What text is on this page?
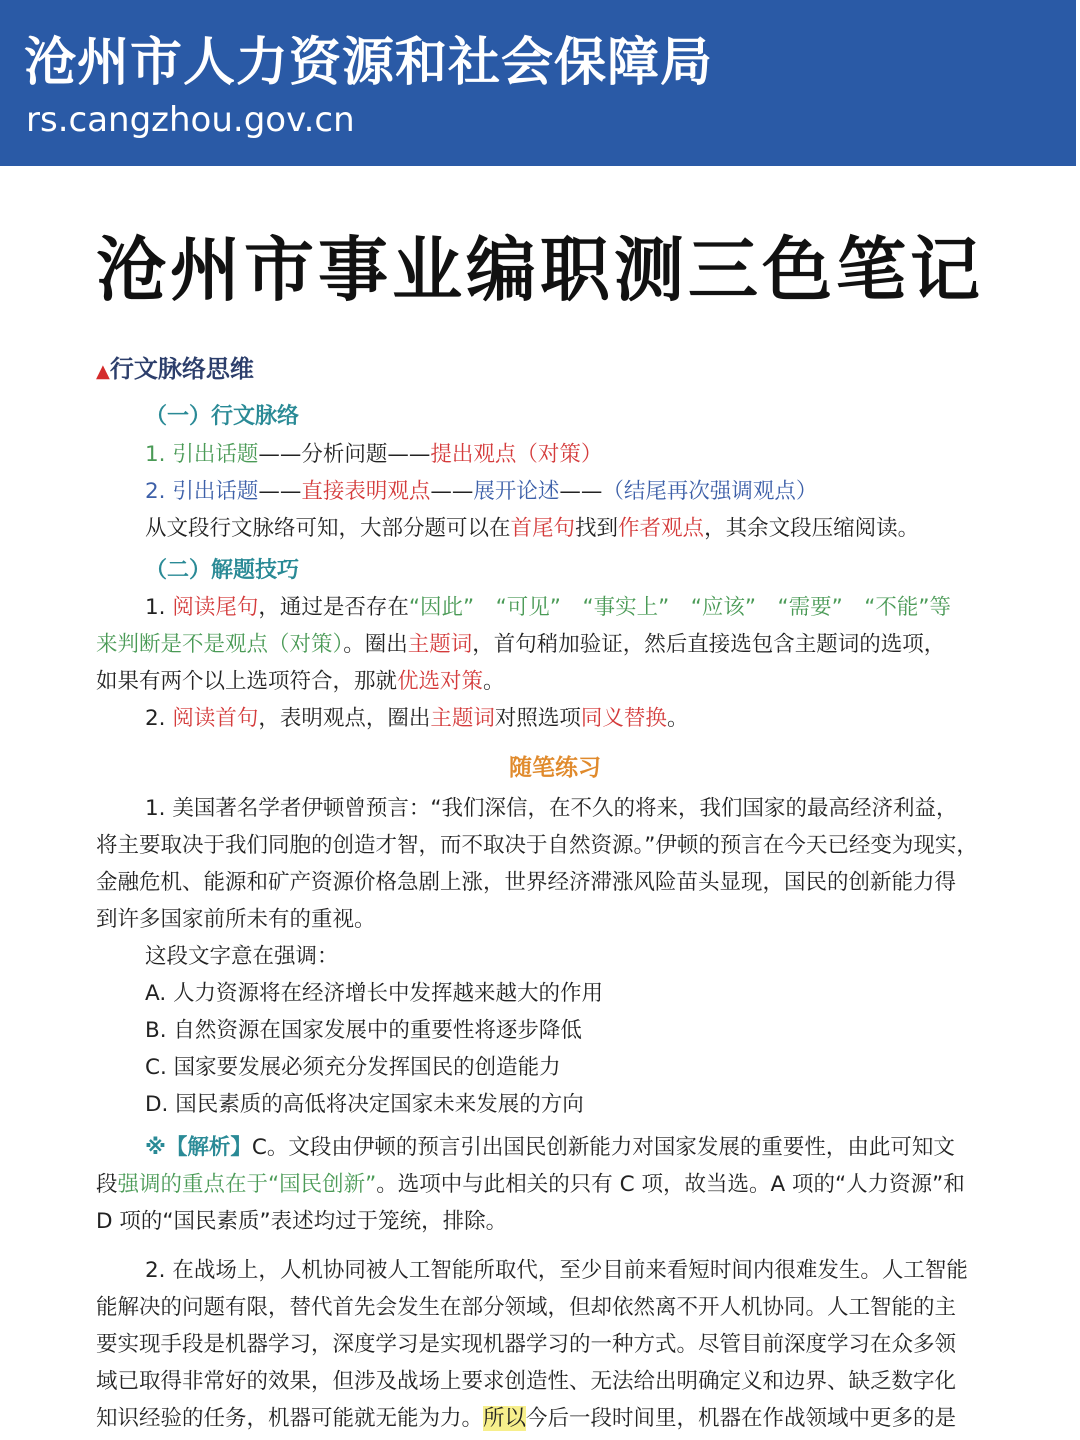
沧州市人力资源和社会保障局
rs.cangzhou.gov.cn
沧州市事业编职测三色笔记
▲行文脉络思维
（一）行文脉络
1. 引出话题——分析问题——提出观点（对策）
2. 引出话题——直接表明观点——展开论述——（结尾再次强调观点）
从文段行文脉络可知，大部分题可以在首尾句找到作者观点，其余文段压缩阅读。
（二）解题技巧
1. 阅读尾句，通过是否存在“因此”　“可见”　“事实上”　“应该”　“需要”　“不能”等
来判断是不是观点（对策）。圈出主题词，首句稍加验证，然后直接选包含主题词的选项，
如果有两个以上选项符合，那就优选对策。
2. 阅读首句，表明观点，圈出主题词对照选项同义替换。
随笔练习
1. 美国著名学者伊顿曾预言：“我们深信，在不久的将来，我们国家的最高经济利益，
将主要取决于我们同胞的创造才智，而不取决于自然资源。”伊顿的预言在今天已经变为现实，
金融危机、能源和矿产资源价格急剧上涨，世界经济滞涨风险苗头显现，国民的创新能力得
到许多国家前所未有的重视。
这段文字意在强调：
A. 人力资源将在经济增长中发挥越来越大的作用
B. 自然资源在国家发展中的重要性将逐步降低
C. 国家要发展必须充分发挥国民的创造能力
D. 国民素质的高低将决定国家未来发展的方向
※【解析】C。文段由伊顿的预言引出国民创新能力对国家发展的重要性，由此可知文
段强调的重点在于“国民创新”。选项中与此相关的只有 C 项，故当选。A 项的“人力资源”和
D 项的“国民素质”表述均过于笼统，排除。
2. 在战场上，人机协同被人工智能所取代，至少目前来看短时间内很难发生。人工智能
能解决的问题有限，替代首先会发生在部分领域，但却依然离不开人机协同。人工智能的主
要实现手段是机器学习，深度学习是实现机器学习的一种方式。尽管目前深度学习在众多领
域已取得非常好的效果，但涉及战场上要求创造性、无法给出明确定义和边界、缺乏数字化
知识经验的任务，机器可能就无能为力。所以今后一段时间里，机器在作战领域中更多的是
